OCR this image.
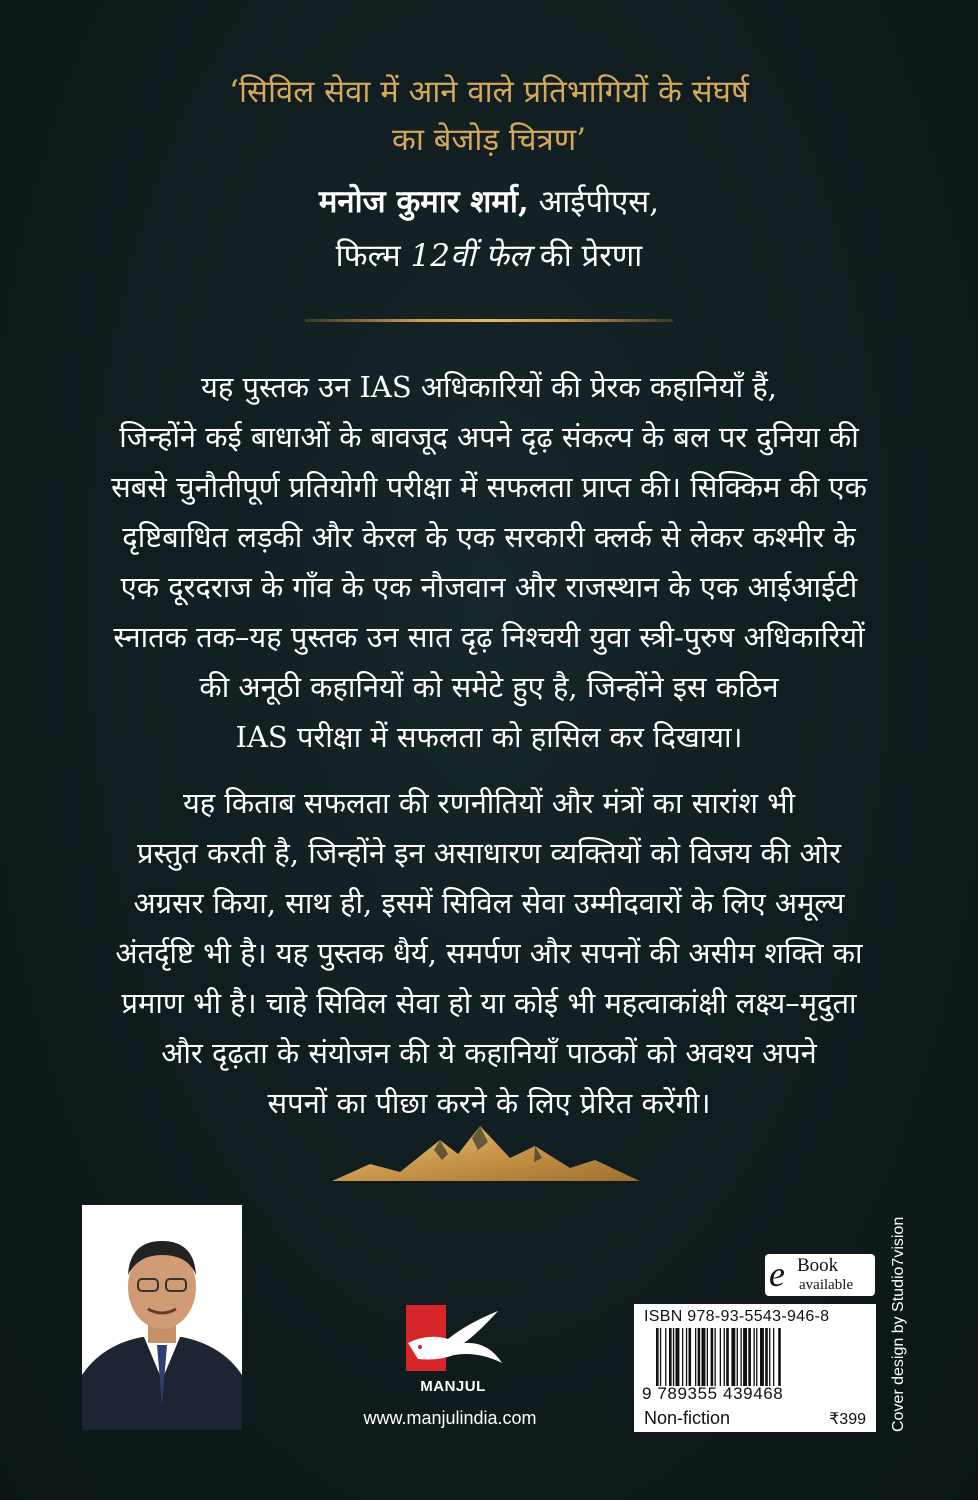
‘सिविल सेवा में आने वाले प्रतिभागियों के संघर्ष
का बेजोड़ चित्रण’
मनोज कुमार शर्मा, आईपीएस,
फिल्म 12वीं फेल की प्रेरणा
यह पुस्तक उन IAS अधिकारियों की प्रेरक कहानियाँ हैं,
जिन्होंने कई बाधाओं के बावजूद अपने दृढ़ संकल्प के बल पर दुनिया की
सबसे चुनौतीपूर्ण प्रतियोगी परीक्षा में सफलता प्राप्त की। सिक्किम की एक
दृष्टिबाधित लड़की और केरल के एक सरकारी क्लर्क से लेकर कश्मीर के
एक दूरदराज के गाँव के एक नौजवान और राजस्थान के एक आईआईटी
स्नातक तक–यह पुस्तक उन सात दृढ़ निश्चयी युवा स्त्री-पुरुष अधिकारियों
की अनूठी कहानियों को समेटे हुए है, जिन्होंने इस कठिन
IAS परीक्षा में सफलता को हासिल कर दिखाया।
यह किताब सफलता की रणनीतियों और मंत्रों का सारांश भी
प्रस्तुत करती है, जिन्होंने इन असाधारण व्यक्तियों को विजय की ओर
अग्रसर किया, साथ ही, इसमें सिविल सेवा उम्मीदवारों के लिए अमूल्य
अंतर्दृष्टि भी है। यह पुस्तक धैर्य, समर्पण और सपनों की असीम शक्ति का
प्रमाण भी है। चाहे सिविल सेवा हो या कोई भी महत्वाकांक्षी लक्ष्य–मृदुता
और दृढ़ता के संयोजन की ये कहानियाँ पाठकों को अवश्य अपने
सपनों का पीछा करने के लिए प्रेरित करेंगी।
MANJUL
www.manjulindia.com
e Book
available
ISBN 978-93-5543-946-8
9 789355 439468
Non-fiction	₹399 Cover design by Studio7vision
